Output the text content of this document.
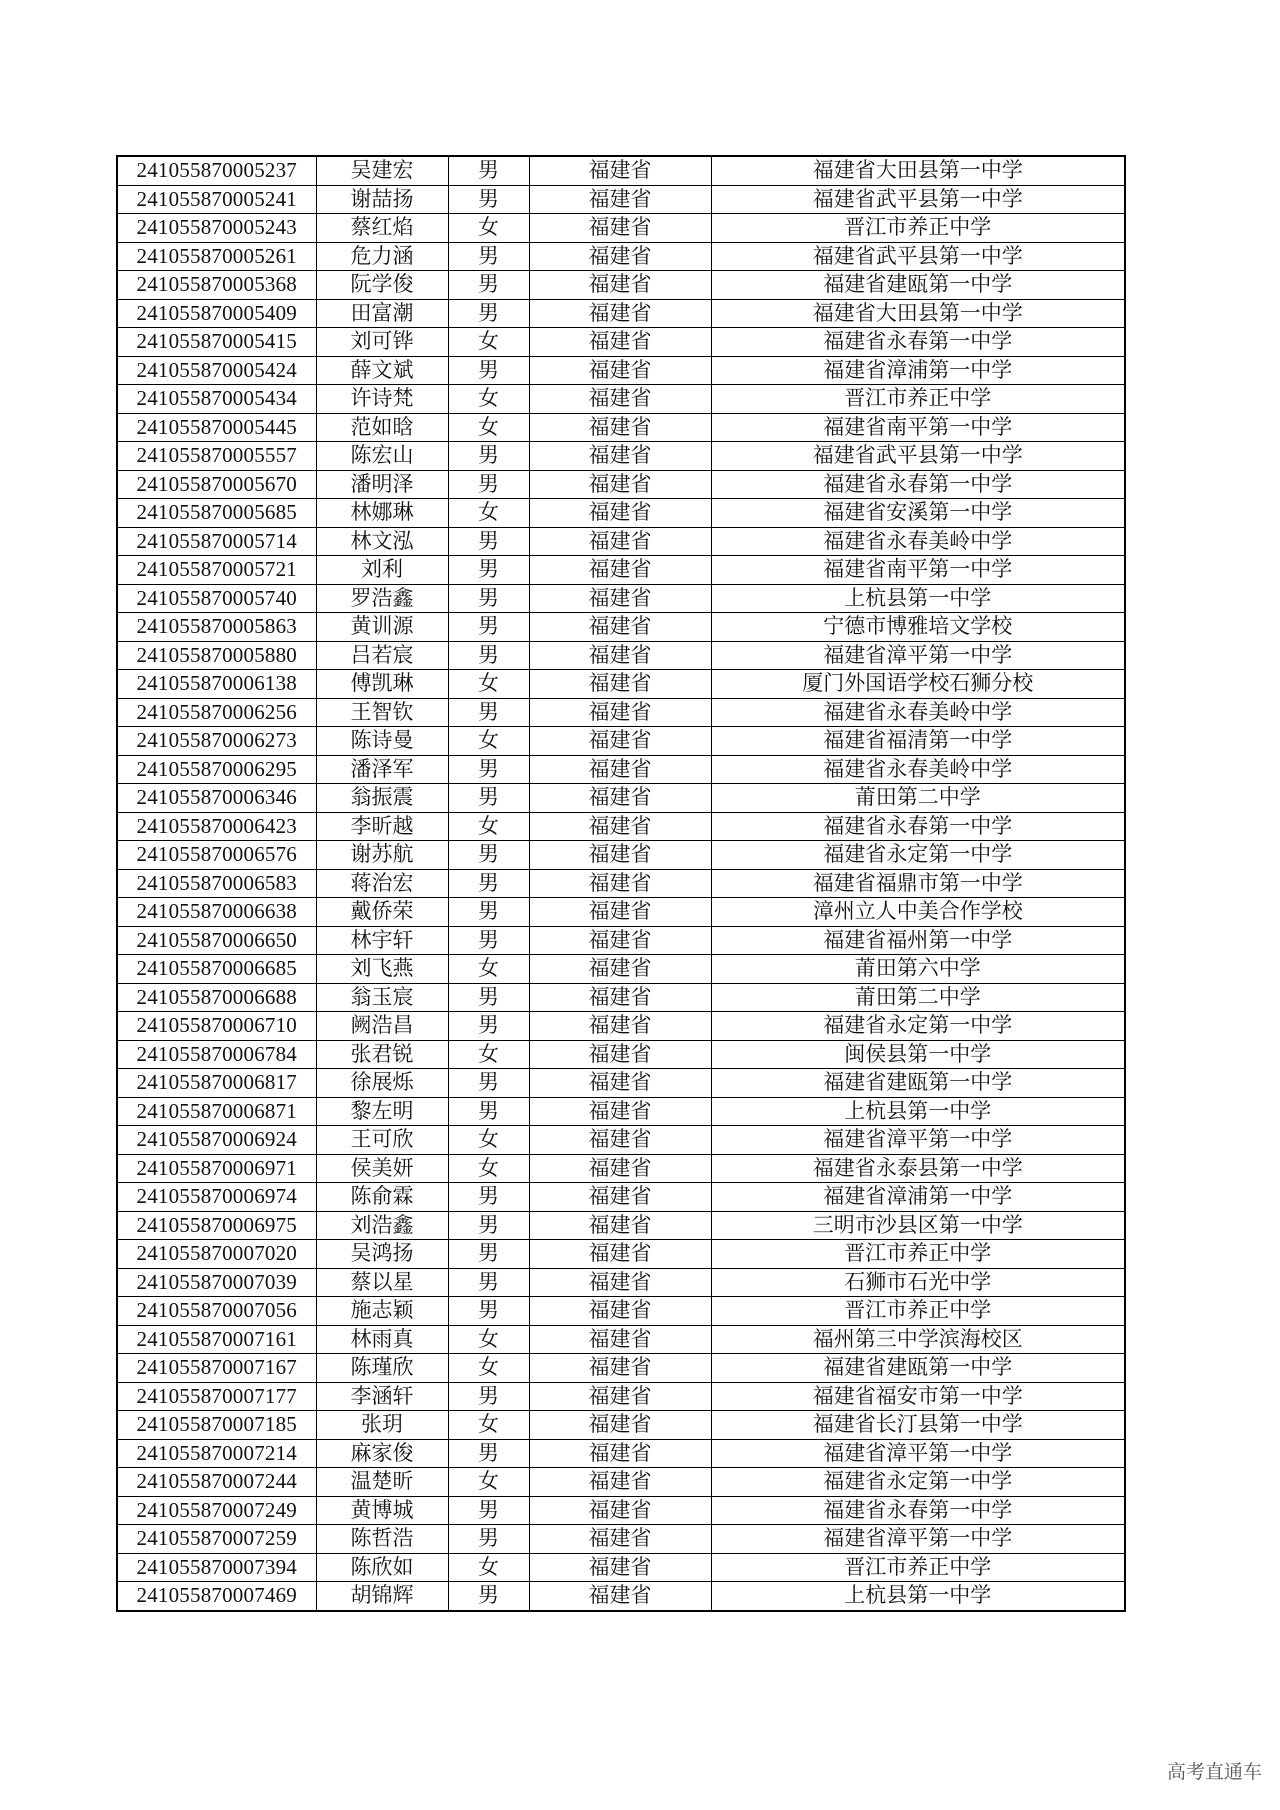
241055870005237	吴建宏	男	福建省	福建省大田县第一中学
241055870005241	谢喆扬	男	福建省	福建省武平县第一中学
241055870005243	蔡红焰	女	福建省	晋江市养正中学
241055870005261	危力涵	男	福建省	福建省武平县第一中学
241055870005368	阮学俊	男	福建省	福建省建瓯第一中学
241055870005409	田富潮	男	福建省	福建省大田县第一中学
241055870005415	刘可铧	女	福建省	福建省永春第一中学
241055870005424	薛文斌	男	福建省	福建省漳浦第一中学
241055870005434	许诗梵	女	福建省	晋江市养正中学
241055870005445	范如晗	女	福建省	福建省南平第一中学
241055870005557	陈宏山	男	福建省	福建省武平县第一中学
241055870005670	潘明泽	男	福建省	福建省永春第一中学
241055870005685	林娜琳	女	福建省	福建省安溪第一中学
241055870005714	林文泓	男	福建省	福建省永春美岭中学
241055870005721	刘利	男	福建省	福建省南平第一中学
241055870005740	罗浩鑫	男	福建省	上杭县第一中学
241055870005863	黄训源	男	福建省	宁德市博雅培文学校
241055870005880	吕若宸	男	福建省	福建省漳平第一中学
241055870006138	傅凯琳	女	福建省	厦门外国语学校石狮分校
241055870006256	王智钦	男	福建省	福建省永春美岭中学
241055870006273	陈诗曼	女	福建省	福建省福清第一中学
241055870006295	潘泽军	男	福建省	福建省永春美岭中学
241055870006346	翁振震	男	福建省	莆田第二中学
241055870006423	李昕越	女	福建省	福建省永春第一中学
241055870006576	谢苏航	男	福建省	福建省永定第一中学
241055870006583	蒋治宏	男	福建省	福建省福鼎市第一中学
241055870006638	戴侨荣	男	福建省	漳州立人中美合作学校
241055870006650	林宇轩	男	福建省	福建省福州第一中学
241055870006685	刘飞燕	女	福建省	莆田第六中学
241055870006688	翁玉宸	男	福建省	莆田第二中学
241055870006710	阙浩昌	男	福建省	福建省永定第一中学
241055870006784	张君锐	女	福建省	闽侯县第一中学
241055870006817	徐展烁	男	福建省	福建省建瓯第一中学
241055870006871	黎左明	男	福建省	上杭县第一中学
241055870006924	王可欣	女	福建省	福建省漳平第一中学
241055870006971	侯美妍	女	福建省	福建省永泰县第一中学
241055870006974	陈俞霖	男	福建省	福建省漳浦第一中学
241055870006975	刘浩鑫	男	福建省	三明市沙县区第一中学
241055870007020	吴鸿扬	男	福建省	晋江市养正中学
241055870007039	蔡以星	男	福建省	石狮市石光中学
241055870007056	施志颖	男	福建省	晋江市养正中学
241055870007161	林雨真	女	福建省	福州第三中学滨海校区
241055870007167	陈瑾欣	女	福建省	福建省建瓯第一中学
241055870007177	李涵轩	男	福建省	福建省福安市第一中学
241055870007185	张玥	女	福建省	福建省长汀县第一中学
241055870007214	麻家俊	男	福建省	福建省漳平第一中学
241055870007244	温楚昕	女	福建省	福建省永定第一中学
241055870007249	黄博城	男	福建省	福建省永春第一中学
241055870007259	陈哲浩	男	福建省	福建省漳平第一中学
241055870007394	陈欣如	女	福建省	晋江市养正中学
241055870007469	胡锦辉	男	福建省	上杭县第一中学
高考直通车
